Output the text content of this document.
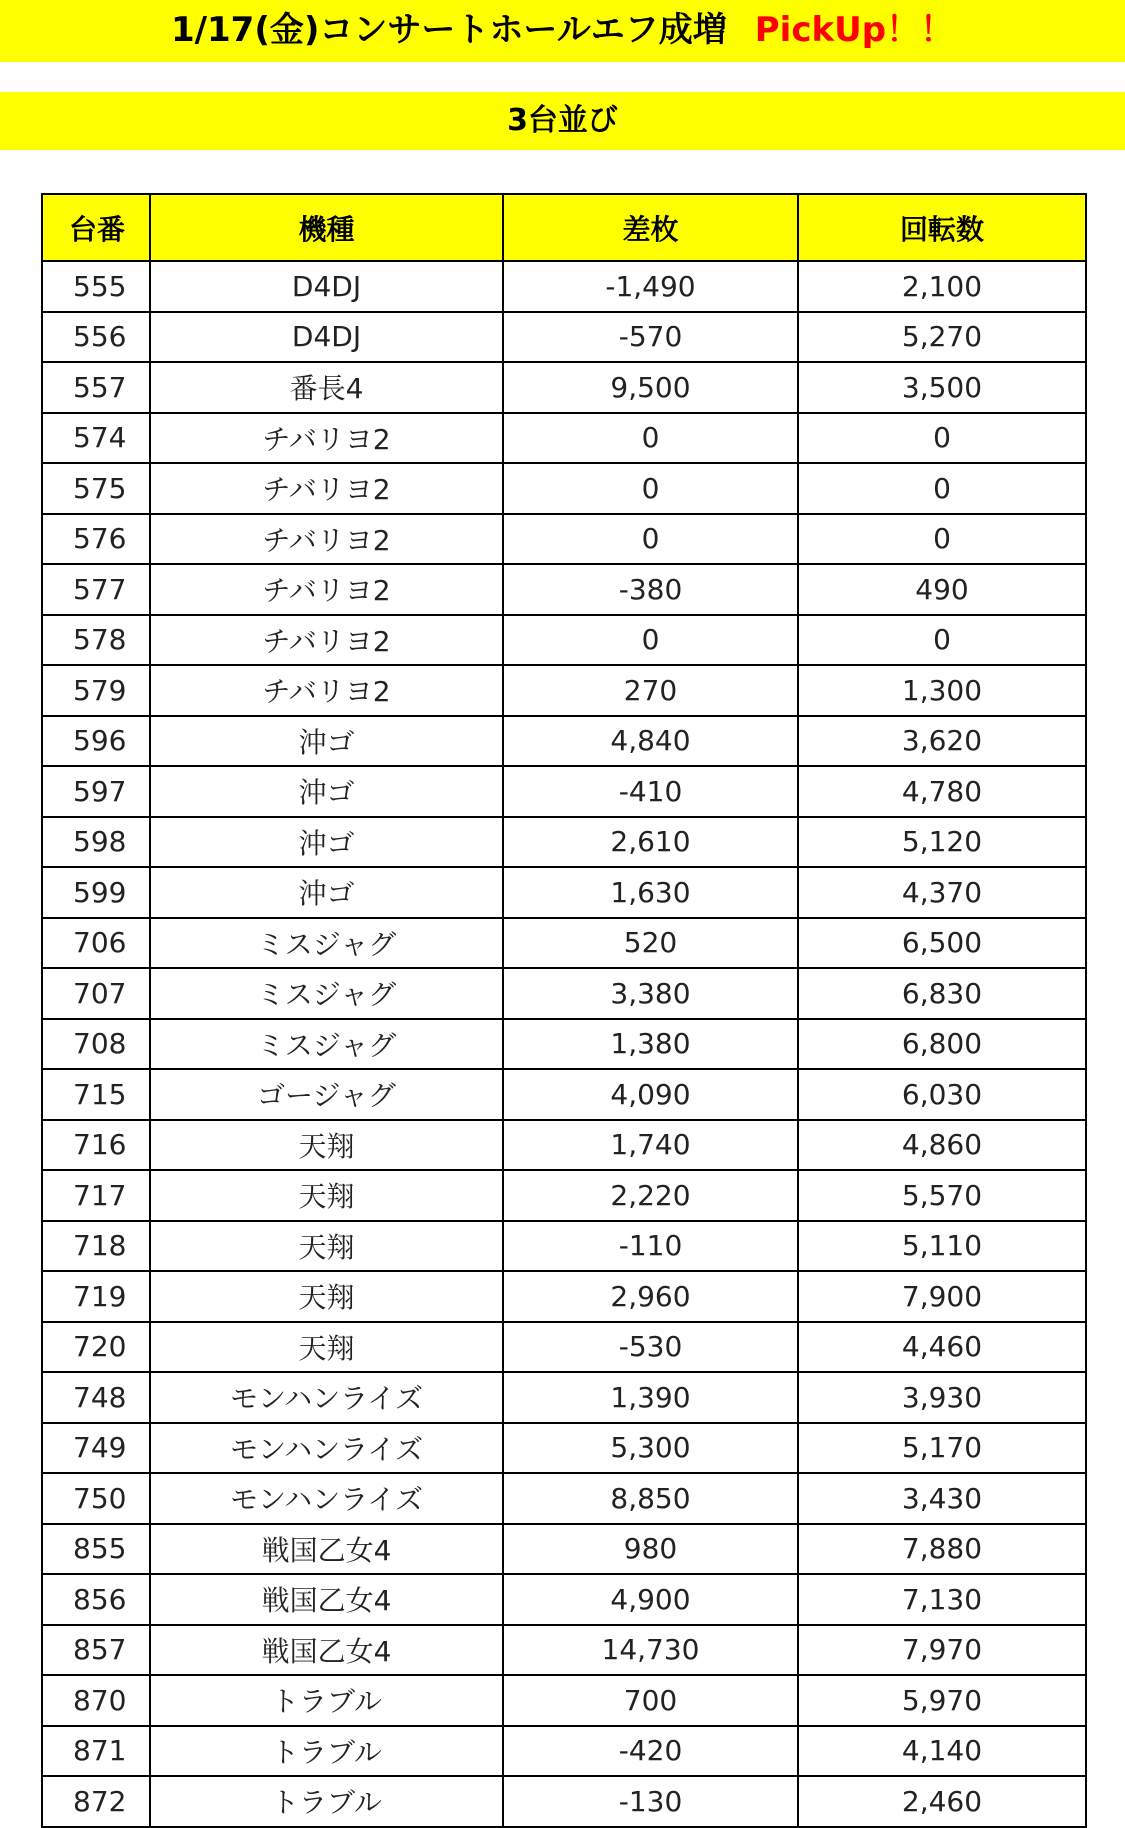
1/17(金)コンサートホールエフ成増 PickUp！！
3台並び
台番	機種	差枚	回転数
555	D4DJ	-1,490	2,100
556	D4DJ	-570	5,270
557	番長4	9,500	3,500
574	チバリヨ2	0	0
575	チバリヨ2	0	0
576	チバリヨ2	0	0
577	チバリヨ2	-380	490
578	チバリヨ2	0	0
579	チバリヨ2	270	1,300
596	沖ゴ	4,840	3,620
597	沖ゴ	-410	4,780
598	沖ゴ	2,610	5,120
599	沖ゴ	1,630	4,370
706	ミスジャグ	520	6,500
707	ミスジャグ	3,380	6,830
708	ミスジャグ	1,380	6,800
715	ゴージャグ	4,090	6,030
716	天翔	1,740	4,860
717	天翔	2,220	5,570
718	天翔	-110	5,110
719	天翔	2,960	7,900
720	天翔	-530	4,460
748	モンハンライズ	1,390	3,930
749	モンハンライズ	5,300	5,170
750	モンハンライズ	8,850	3,430
855	戦国乙女4	980	7,880
856	戦国乙女4	4,900	7,130
857	戦国乙女4	14,730	7,970
870	トラブル	700	5,970
871	トラブル	-420	4,140
872	トラブル	-130	2,460
